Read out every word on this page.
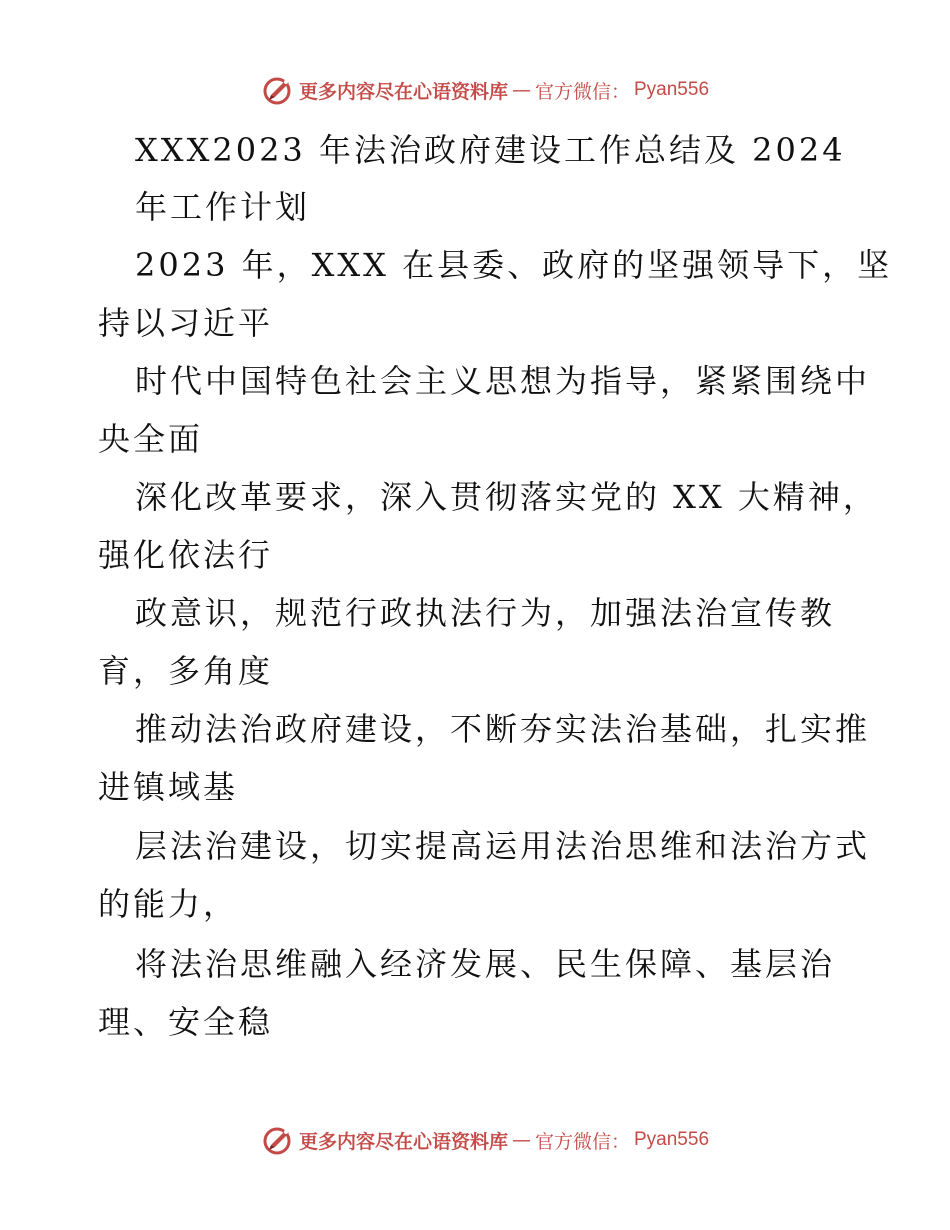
更多内容尽在心语资料库 — 官方微信： Pyan556
XXX2023 年法治政府建设工作总结及 2024
年工作计划
2023 年，XXX 在县委、政府的坚强领导下，坚
持以习近平
时代中国特色社会主义思想为指导，紧紧围绕中
央全面
深化改革要求，深入贯彻落实党的 XX 大精神，
强化依法行
政意识，规范行政执法行为，加强法治宣传教
育，多角度
推动法治政府建设，不断夯实法治基础，扎实推
进镇域基
层法治建设，切实提高运用法治思维和法治方式
的能力，
将法治思维融入经济发展、民生保障、基层治
理、安全稳
更多内容尽在心语资料库 — 官方微信： Pyan556
